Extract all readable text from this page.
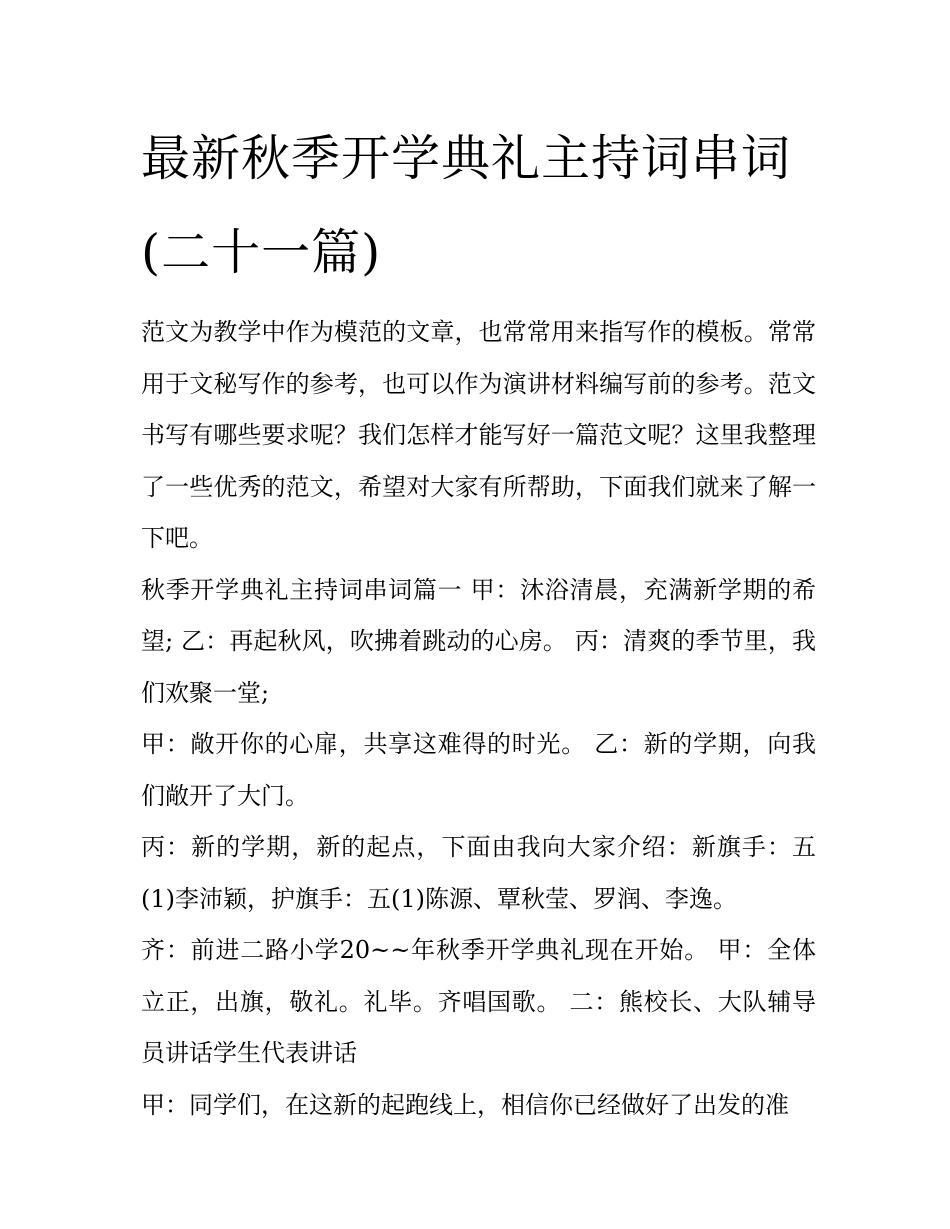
最新秋季开学典礼主持词串词
(二十一篇)

范文为教学中作为模范的文章，也常常用来指写作的模板。常常用于文秘写作的参考，也可以作为演讲材料编写前的参考。范文书写有哪些要求呢？我们怎样才能写好一篇范文呢？这里我整理了一些优秀的范文，希望对大家有所帮助，下面我们就来了解一下吧。

秋季开学典礼主持词串词篇一 甲：沐浴清晨，充满新学期的希望; 乙：再起秋风，吹拂着跳动的心房。 丙：清爽的季节里，我们欢聚一堂;

甲：敞开你的心扉，共享这难得的时光。 乙：新的学期，向我们敞开了大门。

丙：新的学期，新的起点，下面由我向大家介绍：新旗手：五(1)李沛颖，护旗手：五(1)陈源、覃秋莹、罗润、李逸。

齐：前进二路小学20~~年秋季开学典礼现在开始。 甲：全体立正，出旗，敬礼。礼毕。齐唱国歌。 二：熊校长、大队辅导员讲话学生代表讲话

甲：同学们，在这新的起跑线上，相信你已经做好了出发的准
